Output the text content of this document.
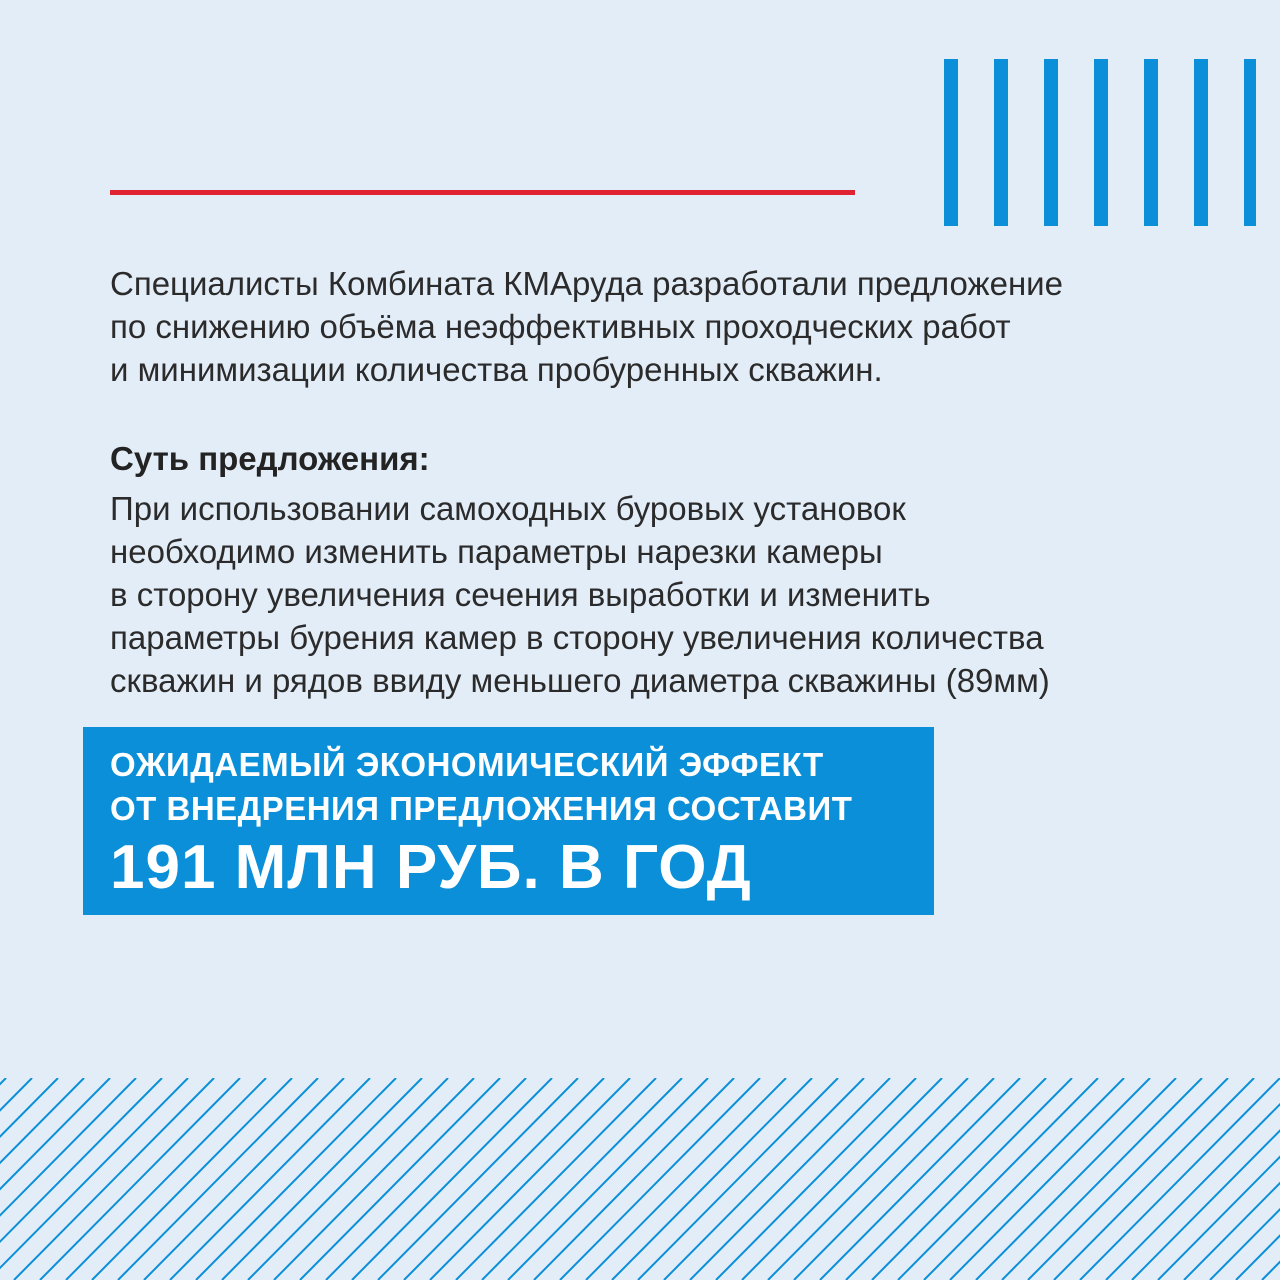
Специалисты Комбината КМАруда разработали предложение
по снижению объёма неэффективных проходческих работ
и минимизации количества пробуренных скважин.

Суть предложения:

При использовании самоходных буровых установок
необходимо изменить параметры нарезки камеры
в сторону увеличения сечения выработки и изменить
параметры бурения камер в сторону увеличения количества
скважин и рядов ввиду меньшего диаметра скважины (89мм)

ОЖИДАЕМЫЙ ЭКОНОМИЧЕСКИЙ ЭФФЕКТ
ОТ ВНЕДРЕНИЯ ПРЕДЛОЖЕНИЯ СОСТАВИТ

191 МЛН РУБ. В ГОД
